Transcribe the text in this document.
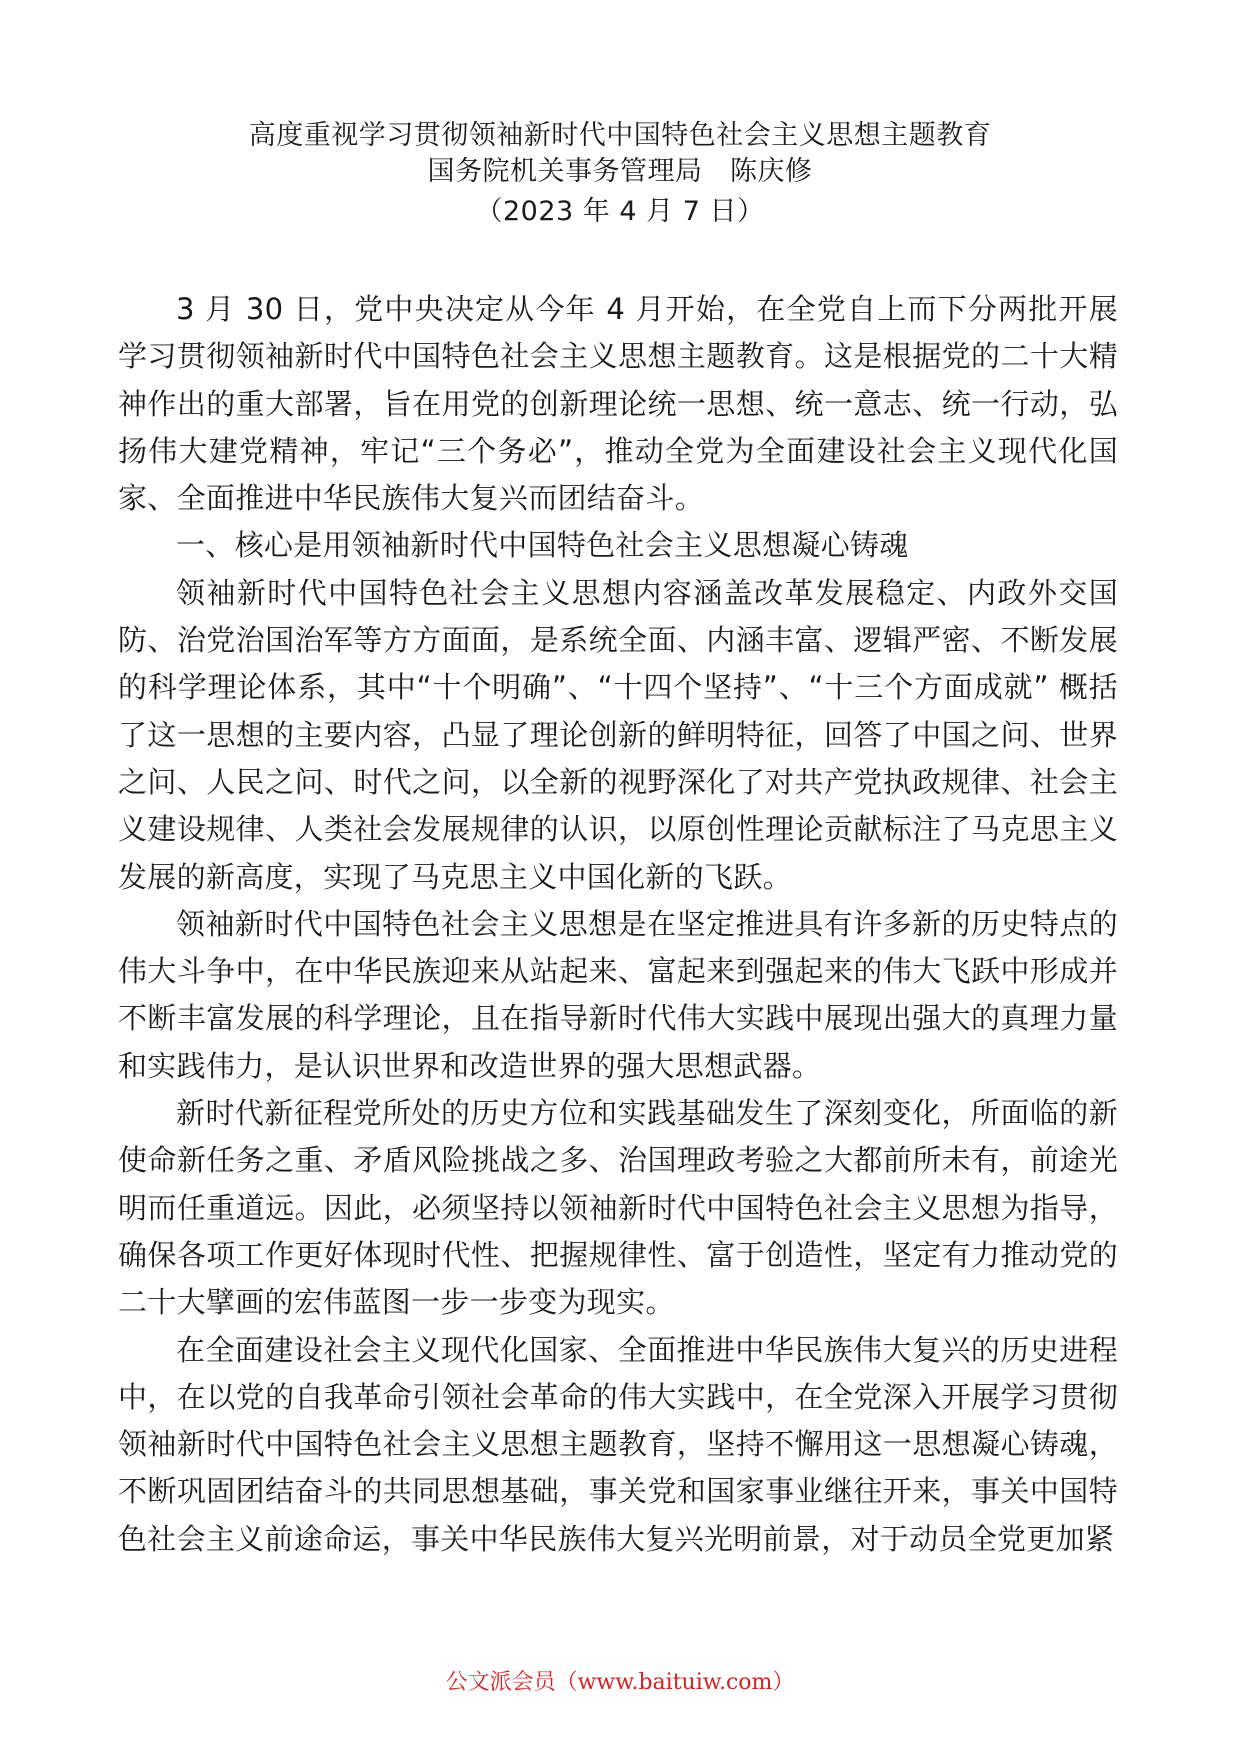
高度重视学习贯彻领袖新时代中国特色社会主义思想主题教育
国务院机关事务管理局　陈庆修
（2023 年 4 月 7 日）

3 月 30 日，党中央决定从今年 4 月开始，在全党自上而下分两批开展学习贯彻领袖新时代中国特色社会主义思想主题教育。这是根据党的二十大精神作出的重大部署，旨在用党的创新理论统一思想、统一意志、统一行动，弘扬伟大建党精神，牢记“三个务必”，推动全党为全面建设社会主义现代化国家、全面推进中华民族伟大复兴而团结奋斗。

一、核心是用领袖新时代中国特色社会主义思想凝心铸魂

领袖新时代中国特色社会主义思想内容涵盖改革发展稳定、内政外交国防、治党治国治军等方方面面，是系统全面、内涵丰富、逻辑严密、不断发展的科学理论体系，其中“十个明确”、“十四个坚持”、“十三个方面成就” 概括了这一思想的主要内容，凸显了理论创新的鲜明特征，回答了中国之问、世界之问、人民之问、时代之问，以全新的视野深化了对共产党执政规律、社会主义建设规律、人类社会发展规律的认识，以原创性理论贡献标注了马克思主义发展的新高度，实现了马克思主义中国化新的飞跃。

领袖新时代中国特色社会主义思想是在坚定推进具有许多新的历史特点的伟大斗争中，在中华民族迎来从站起来、富起来到强起来的伟大飞跃中形成并不断丰富发展的科学理论，且在指导新时代伟大实践中展现出强大的真理力量和实践伟力，是认识世界和改造世界的强大思想武器。

新时代新征程党所处的历史方位和实践基础发生了深刻变化，所面临的新使命新任务之重、矛盾风险挑战之多、治国理政考验之大都前所未有，前途光明而任重道远。因此，必须坚持以领袖新时代中国特色社会主义思想为指导， 确保各项工作更好体现时代性、把握规律性、富于创造性，坚定有力推动党的 二十大擘画的宏伟蓝图一步一步变为现实。

在全面建设社会主义现代化国家、全面推进中华民族伟大复兴的历史进程中，在以党的自我革命引领社会革命的伟大实践中，在全党深入开展学习贯彻领袖新时代中国特色社会主义思想主题教育，坚持不懈用这一思想凝心铸魂， 不断巩固团结奋斗的共同思想基础，事关党和国家事业继往开来，事关中国特 色社会主义前途命运，事关中华民族伟大复兴光明前景，对于动员全党更加紧

公文派会员（www.baituiw.com）
